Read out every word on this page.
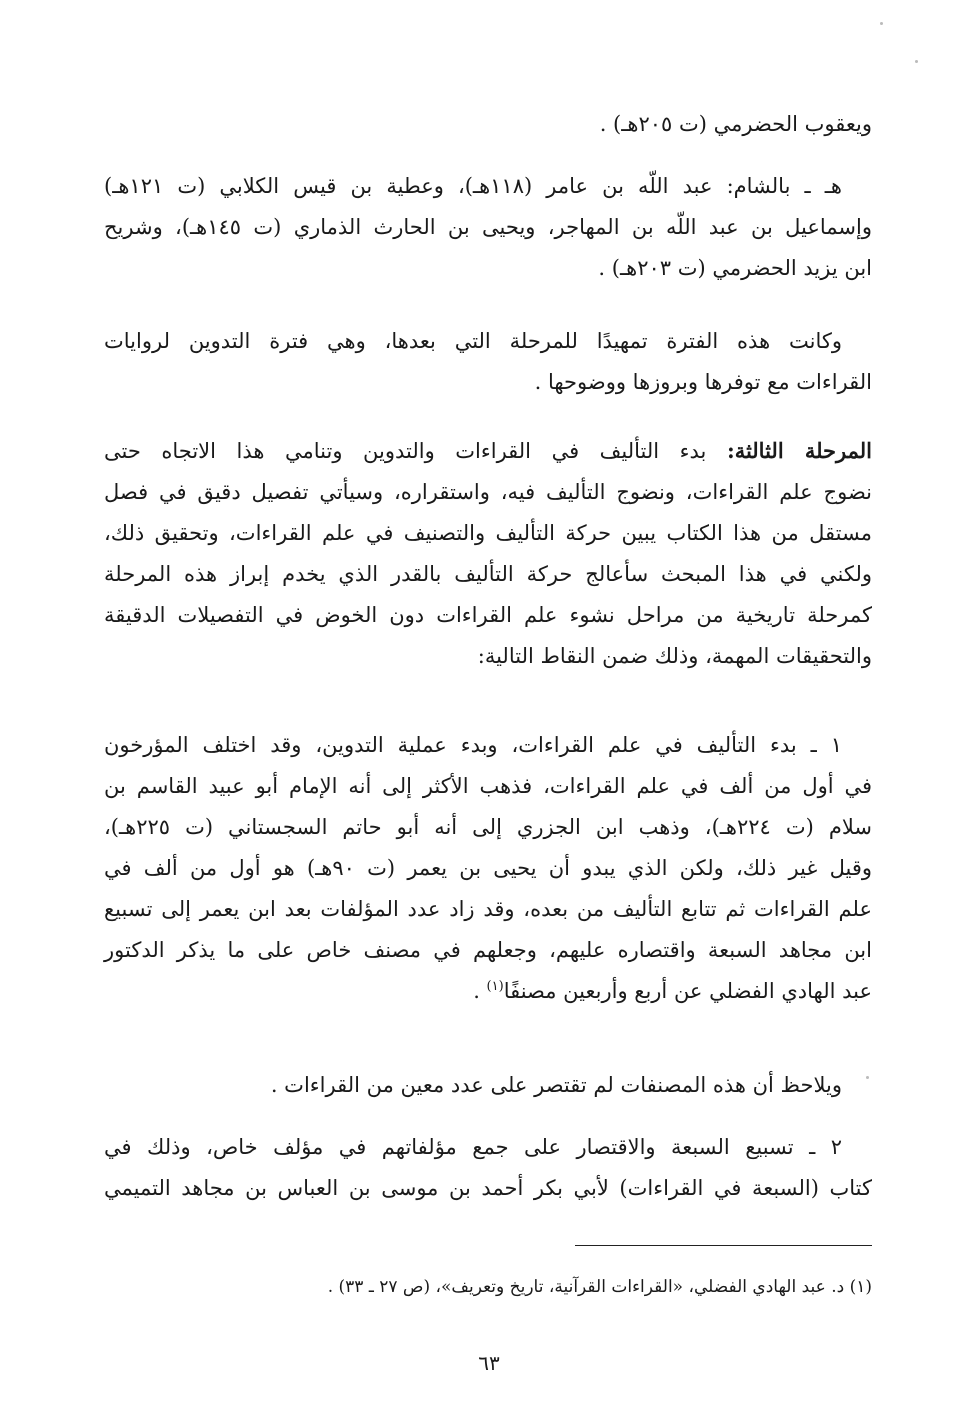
ويعقوب الحضرمي (ت ٢٠٥هـ) .
هـ ـ بالشام: عبد اللّه بن عامر (١١٨هـ)، وعطية بن قيس الكلابي (ت ١٢١هـ)
وإسماعيل بن عبد اللّه بن المهاجر، ويحيى بن الحارث الذماري (ت ١٤٥هـ)، وشريح
ابن يزيد الحضرمي (ت ٢٠٣هـ) .
وكانت هذه الفترة تمهيدًا للمرحلة التي بعدها، وهي فترة التدوين لروايات
القراءات مع توفرها وبروزها ووضوحها .
المرحلة الثالثة: بدء التأليف في القراءات والتدوين وتنامي هذا الاتجاه حتى
نضوج علم القراءات، ونضوج التأليف فيه، واستقراره، وسيأتي تفصيل دقيق في فصل
مستقل من هذا الكتاب يبين حركة التأليف والتصنيف في علم القراءات، وتحقيق ذلك،
ولكني في هذا المبحث سأعالج حركة التأليف بالقدر الذي يخدم إبراز هذه المرحلة
كمرحلة تاريخية من مراحل نشوء علم القراءات دون الخوض في التفصيلات الدقيقة
والتحقيقات المهمة، وذلك ضمن النقاط التالية:
١ ـ بدء التأليف في علم القراءات، وبدء عملية التدوين، وقد اختلف المؤرخون
في أول من ألف في علم القراءات، فذهب الأكثر إلى أنه الإمام أبو عبيد القاسم بن
سلام (ت ٢٢٤هـ)، وذهب ابن الجزري إلى أنه أبو حاتم السجستاني (ت ٢٢٥هـ)،
وقيل غير ذلك، ولكن الذي يبدو أن يحيى بن يعمر (ت ٩٠هـ) هو أول من ألف في
علم القراءات ثم تتابع التأليف من بعده، وقد زاد عدد المؤلفات بعد ابن يعمر إلى تسبيع
ابن مجاهد السبعة واقتصاره عليهم، وجعلهم في مصنف خاص على ما يذكر الدكتور
عبد الهادي الفضلي عن أربع وأربعين مصنفًا$^{(١)}$ .
ويلاحظ أن هذه المصنفات لم تقتصر على عدد معين من القراءات .
٢ ـ تسبيع السبعة والاقتصار على جمع مؤلفاتهم في مؤلف خاص، وذلك في
كتاب (السبعة في القراءات) لأبي بكر أحمد بن موسى بن العباس بن مجاهد التميمي
(١) د. عبد الهادي الفضلي، «القراءات القرآنية، تاريخ وتعريف»، (ص ٢٧ ـ ٣٣) .
٦٣
